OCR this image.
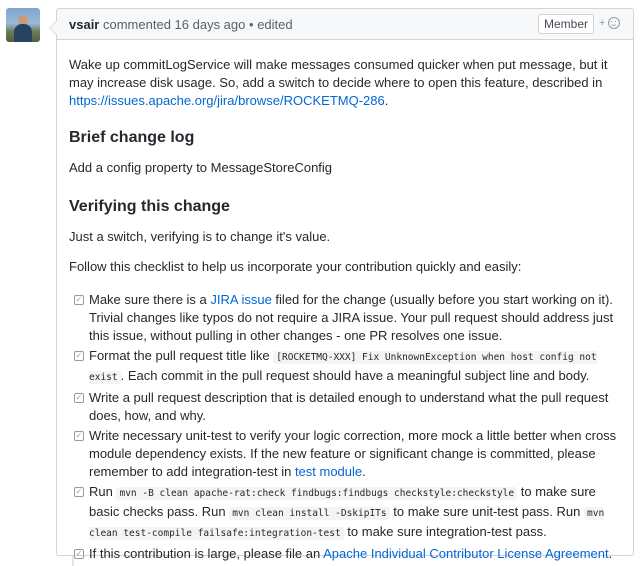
vsair commented 16 days ago • edited	Member +

Wake up commitLogService will make messages consumed quicker when put message, but it may increase disk usage. So, add a switch to decide where to open this feature, described in https://issues.apache.org/jira/browse/ROCKETMQ-286.

Brief change log

Add a config property to MessageStoreConfig

Verifying this change

Just a switch, verifying is to change it's value.

Follow this checklist to help us incorporate your contribution quickly and easily:

✓ Make sure there is a JIRA issue filed for the change (usually before you start working on it). Trivial changes like typos do not require a JIRA issue. Your pull request should address just this issue, without pulling in other changes - one PR resolves one issue.
✓ Format the pull request title like [ROCKETMQ-XXX] Fix UnknownException when host config not exist . Each commit in the pull request should have a meaningful subject line and body.
✓ Write a pull request description that is detailed enough to understand what the pull request does, how, and why.
✓ Write necessary unit-test to verify your logic correction, more mock a little better when cross module dependency exists. If the new feature or significant change is committed, please remember to add integration-test in test module.
✓ Run mvn -B clean apache-rat:check findbugs:findbugs checkstyle:checkstyle to make sure basic checks pass. Run mvn clean install -DskipITs to make sure unit-test pass. Run mvn clean test-compile failsafe:integration-test to make sure integration-test pass.
✓ If this contribution is large, please file an Apache Individual Contributor License Agreement.
